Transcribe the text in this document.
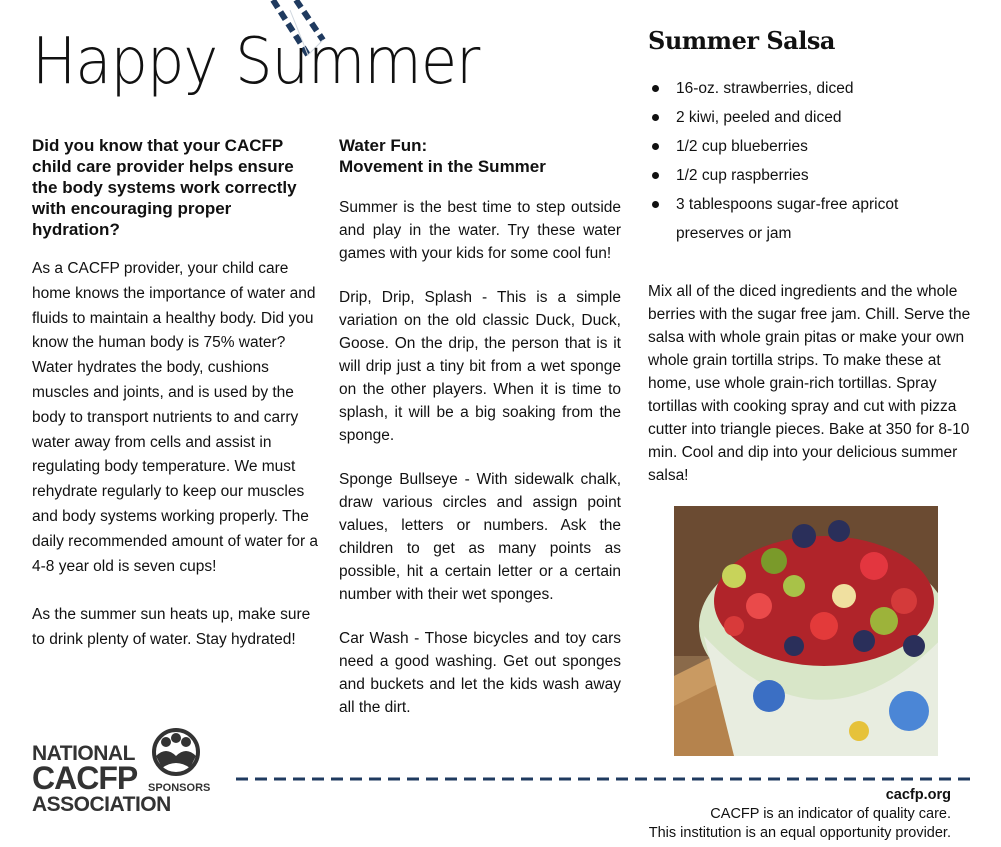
Happy Summer
Did you know that your CACFP child care provider helps ensure the body systems work correctly with encouraging proper hydration?

As a CACFP provider, your child care home knows the importance of water and fluids to maintain a healthy body. Did you know the human body is 75% water? Water hydrates the body, cushions muscles and joints, and is used by the body to transport nutrients to and carry water away from cells and assist in regulating body temperature. We must rehydrate regularly to keep our muscles and body systems working properly. The daily recommended amount of water for a 4-8 year old is seven cups!

As the summer sun heats up, make sure to drink plenty of water. Stay hydrated!

Water Fun:
Movement in the Summer

Summer is the best time to step outside and play in the water. Try these water games with your kids for some cool fun!

Drip, Drip, Splash - This is a simple variation on the old classic Duck, Duck, Goose. On the drip, the person that is it will drip just a tiny bit from a wet sponge on the other players. When it is time to splash, it will be a big soaking from the sponge.

Sponge Bullseye - With sidewalk chalk, draw various circles and assign point values, letters or numbers. Ask the children to get as many points as possible, hit a certain letter or a certain number with their wet sponges.

Car Wash - Those bicycles and toy cars need a good washing. Get out sponges and buckets and let the kids wash away all the dirt.

Summer Salsa
16-oz. strawberries, diced
2 kiwi, peeled and diced
1/2 cup blueberries
1/2 cup raspberries
3 tablespoons sugar-free apricot preserves or jam

Mix all of the diced ingredients and the whole berries with the sugar free jam. Chill. Serve the salsa with whole grain pitas or make your own whole grain tortilla strips. To make these at home, use whole grain-rich tortillas. Spray tortillas with cooking spray and cut with pizza cutter into triangle pieces. Bake at 350 for 8-10 min. Cool and dip into your delicious summer salsa!

NATIONAL
CACFP SPONSORS
ASSOCIATION	cacfp.org
CACFP is an indicator of quality care.
This institution is an equal opportunity provider.
